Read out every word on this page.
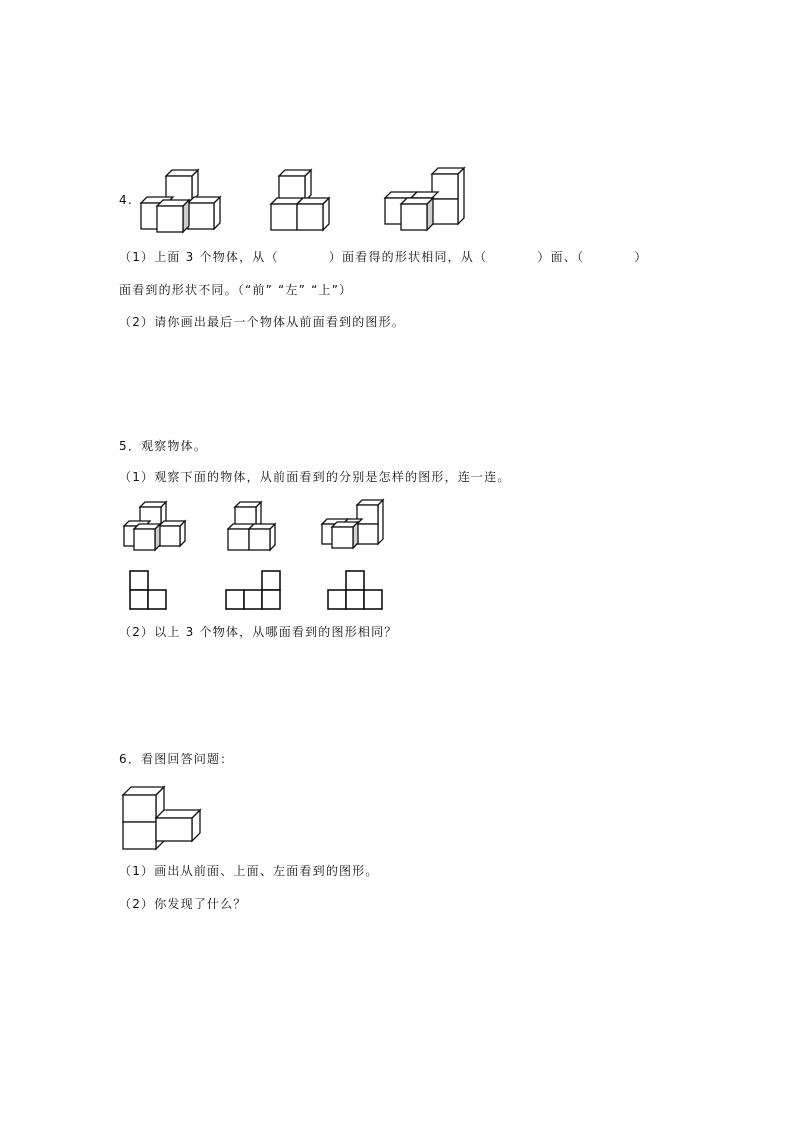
4.
（1）上面 3 个物体，从（          ）面看得的形状相同，从（          ）面、（          ）
面看到的形状不同。（“前” “左” “上”）
（2）请你画出最后一个物体从前面看到的图形。
5．观察物体。
（1）观察下面的物体，从前面看到的分别是怎样的图形，连一连。
（2）以上 3 个物体，从哪面看到的图形相同？
6．看图回答问题：
（1）画出从前面、上面、左面看到的图形。
（2）你发现了什么？
